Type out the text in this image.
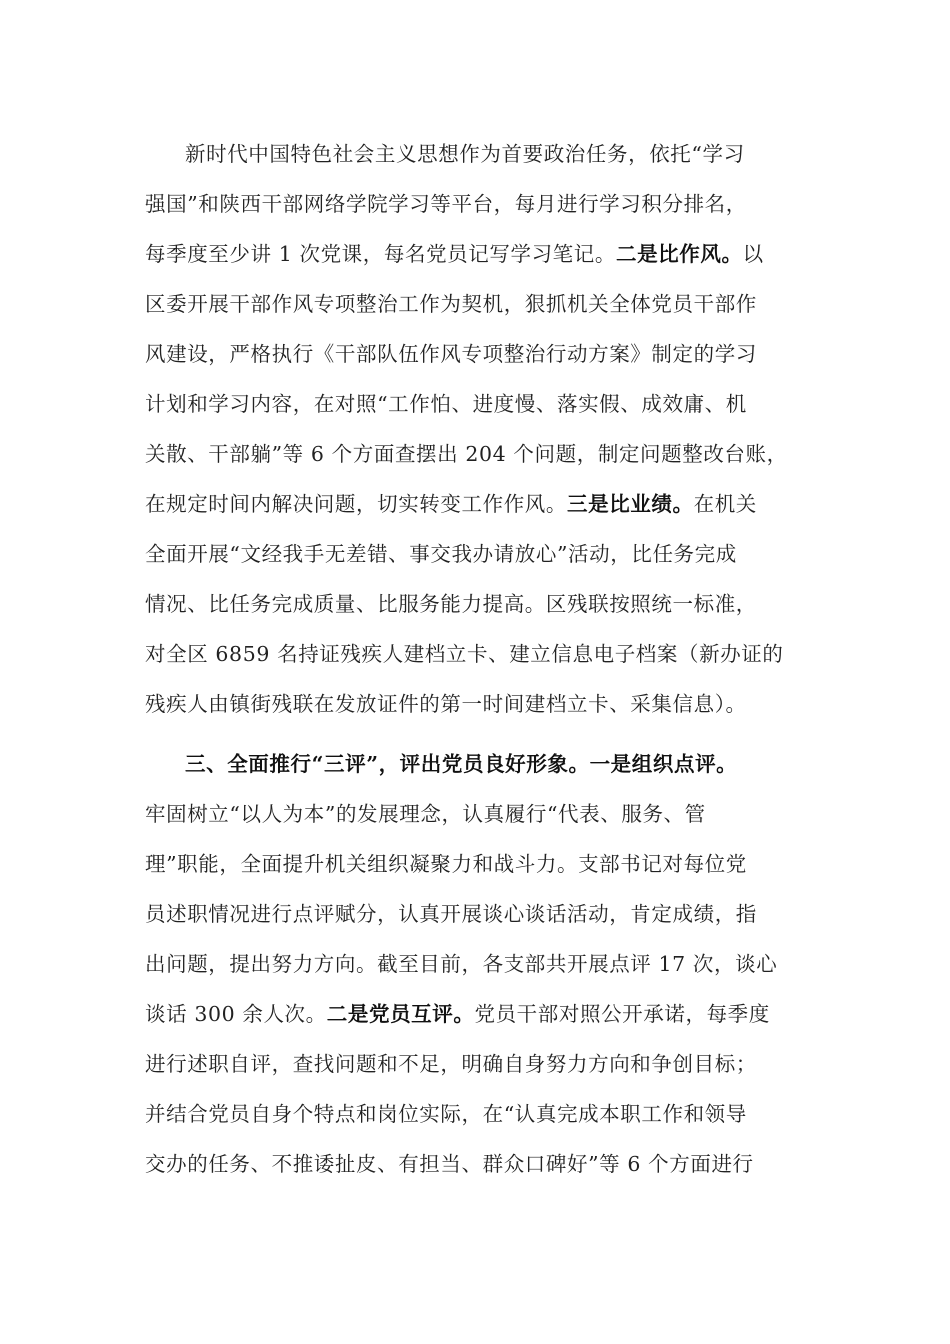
新时代中国特色社会主义思想作为首要政治任务，依托“学习
强国”和陕西干部网络学院学习等平台，每月进行学习积分排名，
每季度至少讲 1 次党课，每名党员记写学习笔记。二是比作风。以
区委开展干部作风专项整治工作为契机，狠抓机关全体党员干部作
风建设，严格执行《干部队伍作风专项整治行动方案》制定的学习
计划和学习内容，在对照“工作怕、进度慢、落实假、成效庸、机
关散、干部躺”等 6 个方面查摆出 204 个问题，制定问题整改台账，
在规定时间内解决问题，切实转变工作作风。三是比业绩。在机关
全面开展“文经我手无差错、事交我办请放心”活动，比任务完成
情况、比任务完成质量、比服务能力提高。区残联按照统一标准，
对全区 6859 名持证残疾人建档立卡、建立信息电子档案（新办证的
残疾人由镇街残联在发放证件的第一时间建档立卡、采集信息）。
三、全面推行“三评”，评出党员良好形象。一是组织点评。
牢固树立“以人为本”的发展理念，认真履行“代表、服务、管
理”职能，全面提升机关组织凝聚力和战斗力。支部书记对每位党
员述职情况进行点评赋分，认真开展谈心谈话活动，肯定成绩，指
出问题，提出努力方向。截至目前，各支部共开展点评 17 次，谈心
谈话 300 余人次。二是党员互评。党员干部对照公开承诺，每季度
进行述职自评，查找问题和不足，明确自身努力方向和争创目标；
并结合党员自身个特点和岗位实际，在“认真完成本职工作和领导
交办的任务、不推诿扯皮、有担当、群众口碑好”等 6 个方面进行
